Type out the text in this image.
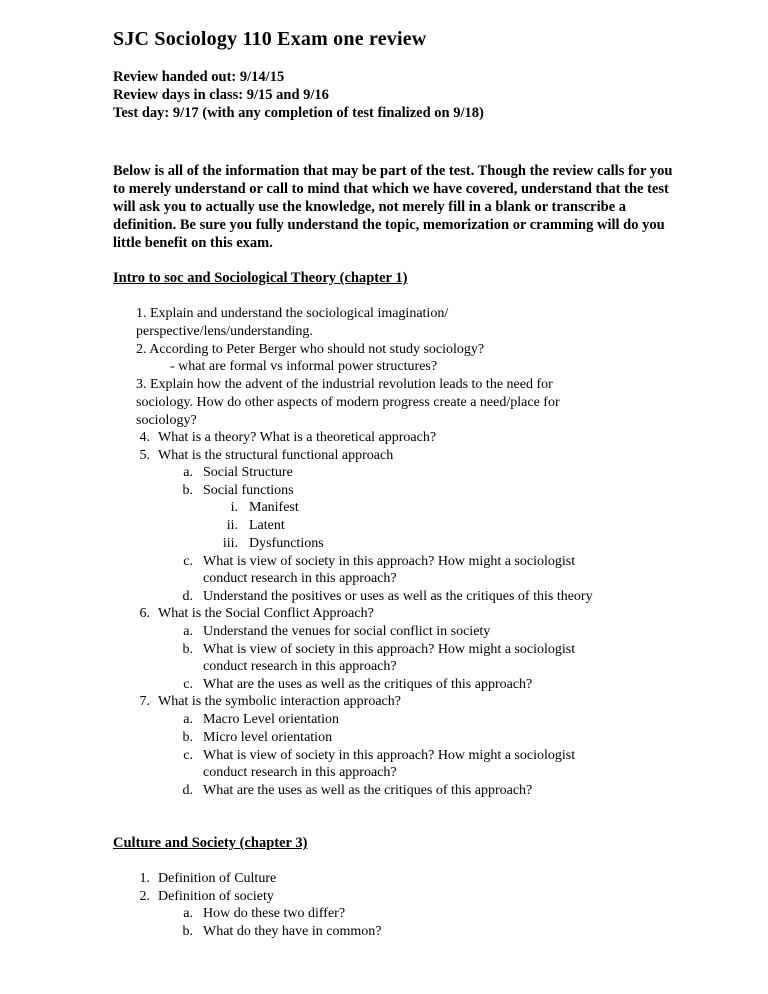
SJC Sociology 110 Exam one review
Review handed out: 9/14/15
Review days in class: 9/15 and 9/16
Test day: 9/17 (with any completion of test finalized on 9/18)
Below is all of the information that may be part of the test. Though the review calls for you to merely understand or call to mind that which we have covered, understand that the test will ask you to actually use the knowledge, not merely fill in a blank or transcribe a definition. Be sure you fully understand the topic, memorization or cramming will do you little benefit on this exam.
Intro to soc and Sociological Theory (chapter 1)
1. Explain and understand the sociological imagination/
perspective/lens/understanding.
2. According to Peter Berger who should not study sociology?
- what are formal vs informal power structures?
3. Explain how the advent of the industrial revolution leads to the need for
sociology. How do other aspects of modern progress create a need/place for
sociology?
4. What is a theory? What is a theoretical approach?
5. What is the structural functional approach
a. Social Structure
b. Social functions
i. Manifest
ii. Latent
iii. Dysfunctions
c. What is view of society in this approach? How might a sociologist
conduct research in this approach?
d. Understand the positives or uses as well as the critiques of this theory
6. What is the Social Conflict Approach?
a. Understand the venues for social conflict in society
b. What is view of society in this approach? How might a sociologist
conduct research in this approach?
c. What are the uses as well as the critiques of this approach?
7. What is the symbolic interaction approach?
a. Macro Level orientation
b. Micro level orientation
c. What is view of society in this approach? How might a sociologist
conduct research in this approach?
d. What are the uses as well as the critiques of this approach?
Culture and Society (chapter 3)
1. Definition of Culture
2. Definition of society
a. How do these two differ?
b. What do they have in common?
